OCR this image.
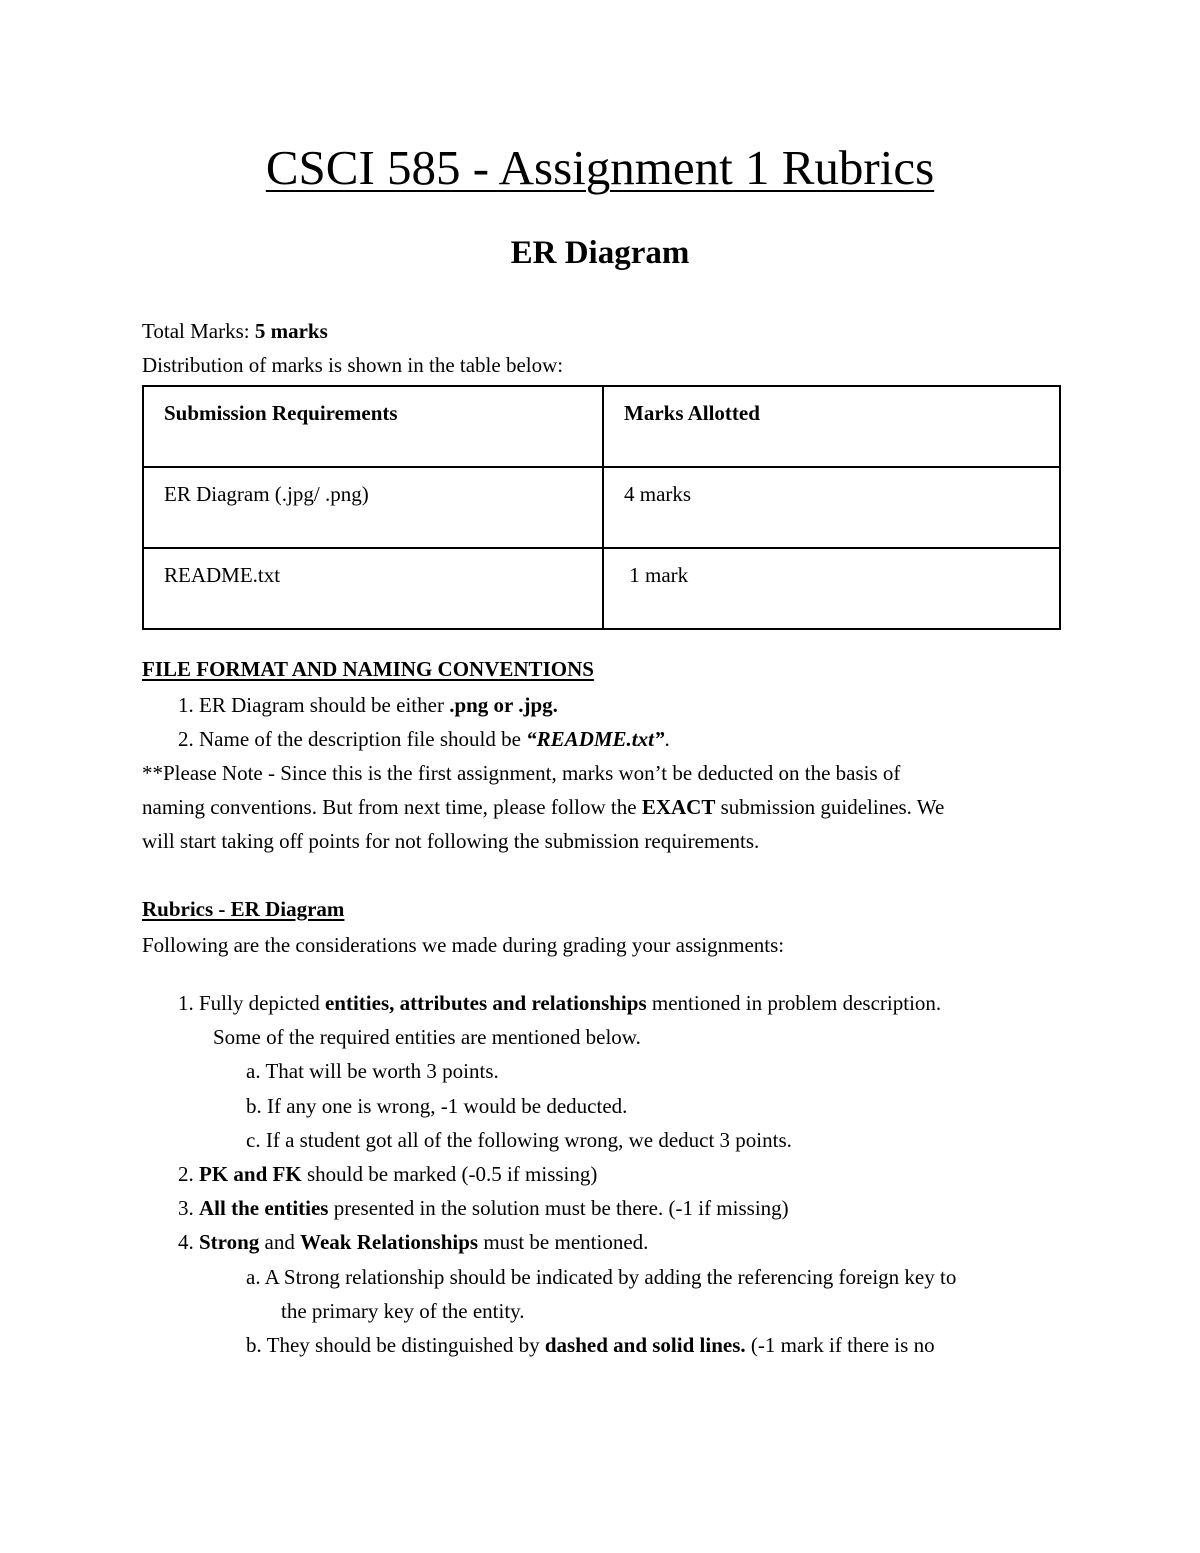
CSCI 585 - Assignment 1 Rubrics
ER Diagram
Total Marks: 5 marks
Distribution of marks is shown in the table below:
Submission Requirements	Marks Allotted
ER Diagram (.jpg/ .png)	4 marks
README.txt	1 mark
FILE FORMAT AND NAMING CONVENTIONS
1. ER Diagram should be either .png or .jpg.
2. Name of the description file should be “README.txt”.
**Please Note - Since this is the first assignment, marks won’t be deducted on the basis of
naming conventions. But from next time, please follow the EXACT submission guidelines. We
will start taking off points for not following the submission requirements.
Rubrics - ER Diagram
Following are the considerations we made during grading your assignments:
1. Fully depicted entities, attributes and relationships mentioned in problem description.
Some of the required entities are mentioned below.
a. That will be worth 3 points.
b. If any one is wrong, -1 would be deducted.
c. If a student got all of the following wrong, we deduct 3 points.
2. PK and FK should be marked (-0.5 if missing)
3. All the entities presented in the solution must be there. (-1 if missing)
4. Strong and Weak Relationships must be mentioned.
a. A Strong relationship should be indicated by adding the referencing foreign key to
the primary key of the entity.
b. They should be distinguished by dashed and solid lines. (-1 mark if there is no
